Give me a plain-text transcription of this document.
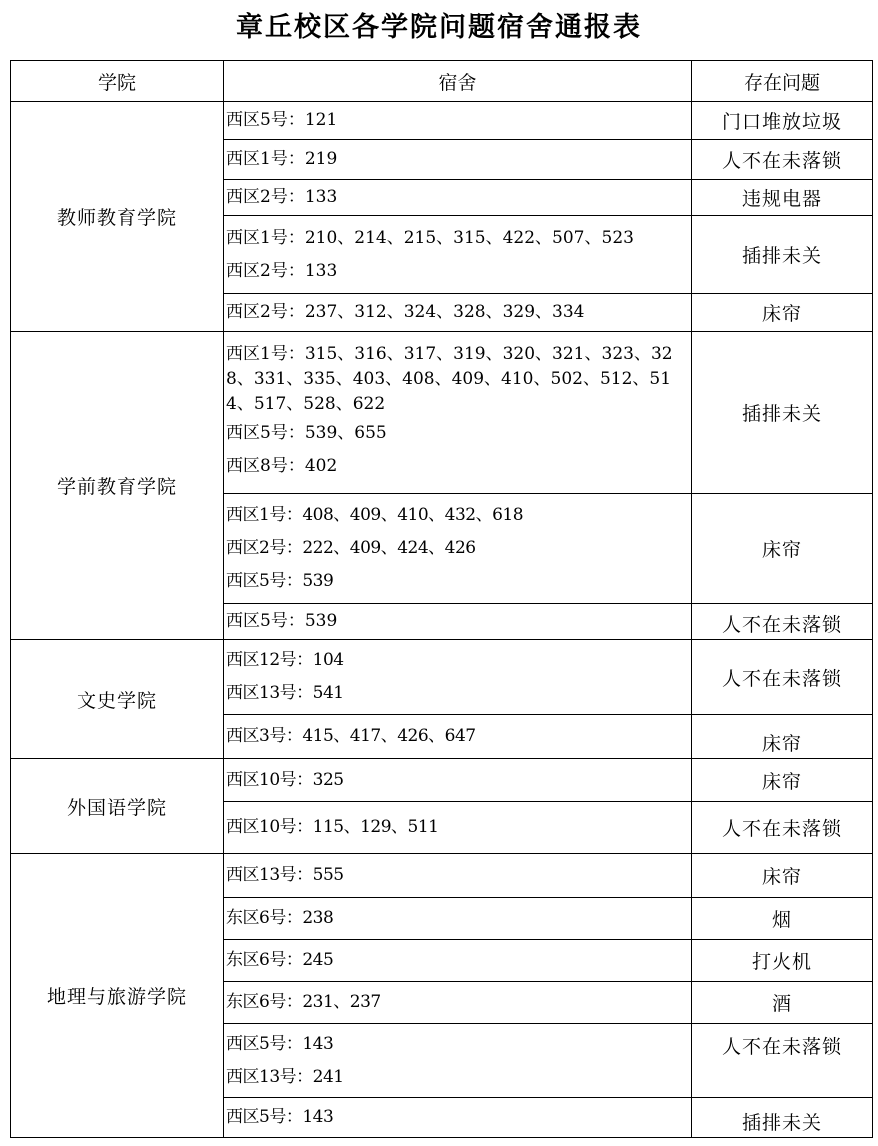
章丘校区各学院问题宿舍通报表
学院	宿舍	存在问题
教师教育学院	西区5号：121	门口堆放垃圾

	西区1号：219	人不在未落锁

	西区2号：133	违规电器

	西区1号：210、214、215、315、422、507、523
西区2号：133	插排未关

	西区2号：237、312、324、328、329、334	床帘
学前教育学院	西区1号：315、316、317、319、320、321、323、328、331、335、403、408、409、410、502、512、514、517、528、622
西区5号：539、655
西区8号：402	插排未关

	西区1号：408、409、410、432、618
西区2号：222、409、424、426
西区5号：539	床帘

	西区5号：539	人不在未落锁
文史学院	西区12号：104
西区13号：541	人不在未落锁

	西区3号：415、417、426、647	床帘
外国语学院	西区10号：325	床帘

	西区10号：115、129、511	人不在未落锁
地理与旅游学院	西区13号：555	床帘

	东区6号：238	烟

	东区6号：245	打火机

	东区6号：231、237	酒

	西区5号：143
西区13号：241	人不在未落锁

	西区5号：143	插排未关
